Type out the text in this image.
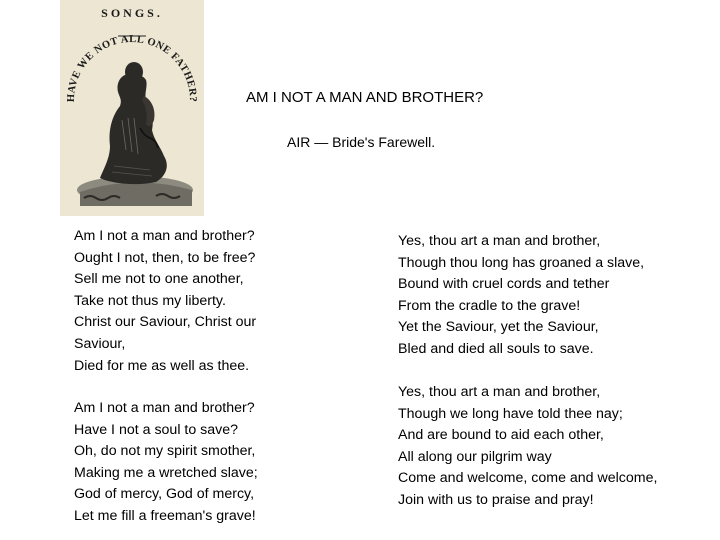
SONGS.
HAVE WE NOT ALL ONE FATHER?	AM I NOT A MAN AND BROTHER?
AIR — Bride's Farewell.
Am I not a man and brother?
Ought I not, then, to be free?
Sell me not to one another,
Take not thus my liberty.
Christ our Saviour, Christ our
Saviour,
Died for me as well as thee.
Am I not a man and brother?
Have I not a soul to save?
Oh, do not my spirit smother,
Making me a wretched slave;
God of mercy, God of mercy,
Let me fill a freeman's grave!
Yes, thou art a man and brother,
Though thou long has groaned a slave,
Bound with cruel cords and tether
From the cradle to the grave!
Yet the Saviour, yet the Saviour,
Bled and died all souls to save.
Yes, thou art a man and brother,
Though we long have told thee nay;
And are bound to aid each other,
All along our pilgrim way
Come and welcome, come and welcome,
Join with us to praise and pray!
